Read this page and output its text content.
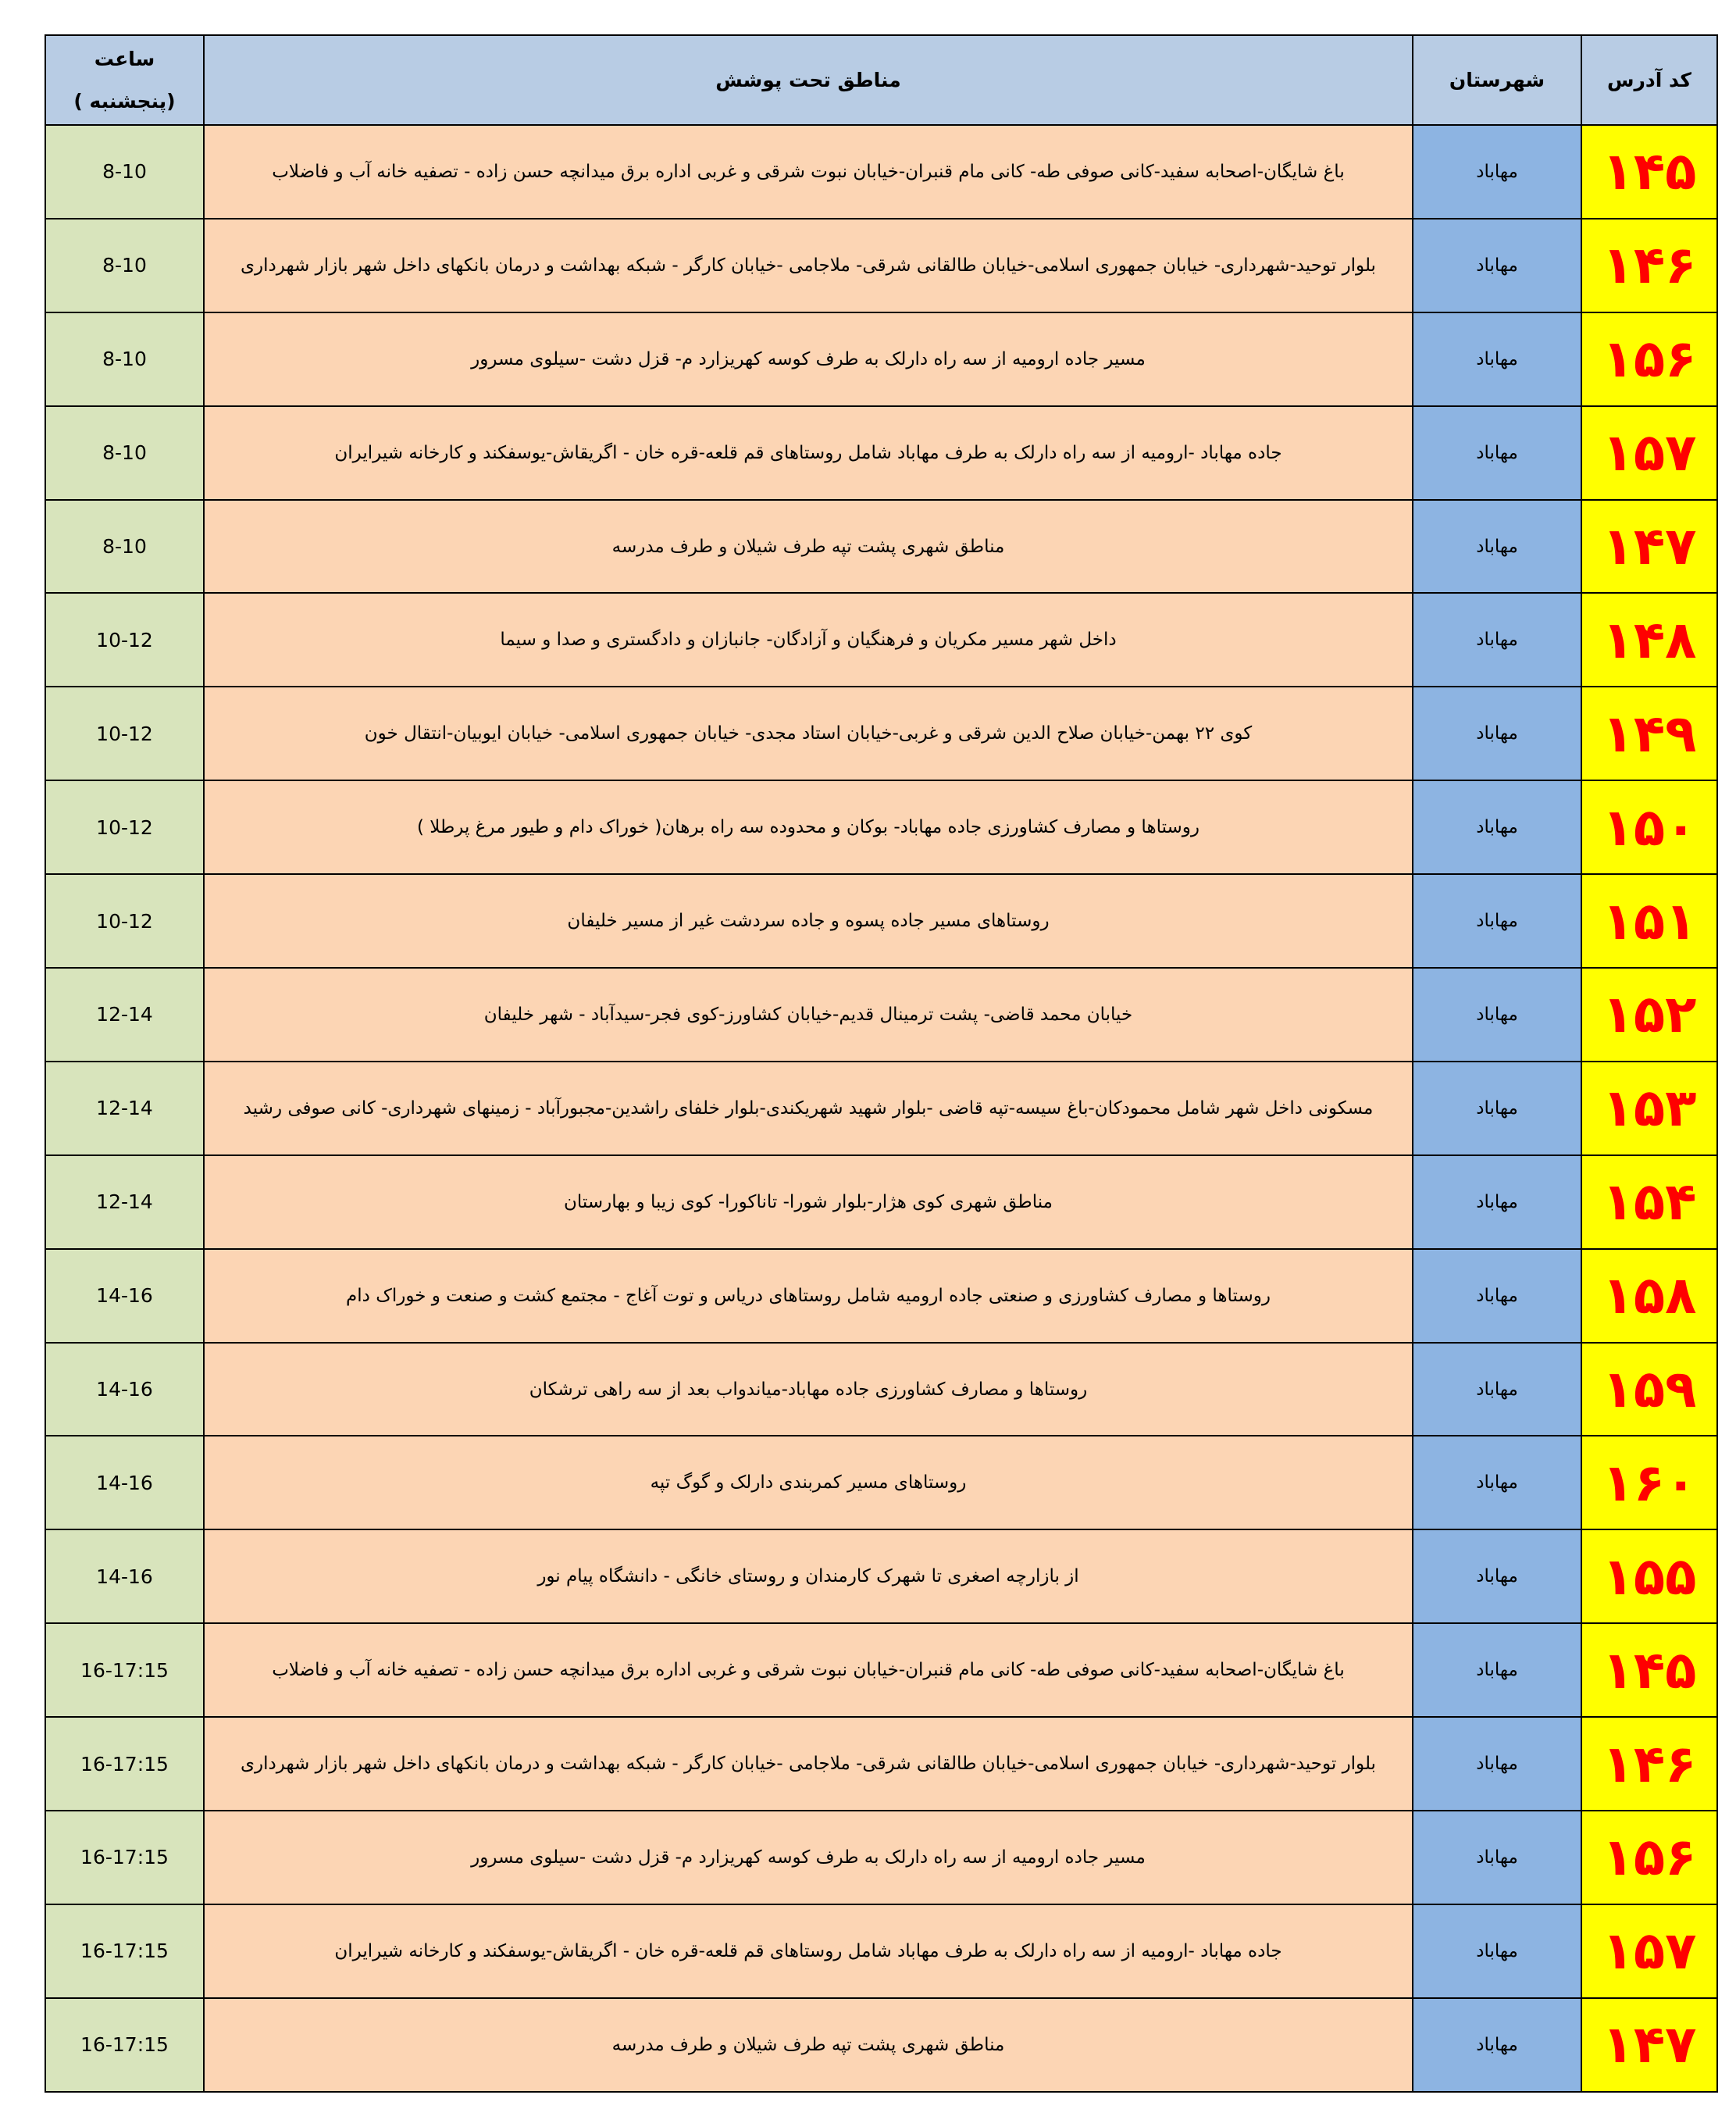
کد آدرس	شهرستان	مناطق تحت پوشش	ساعت
(پنجشنبه )

۱۴۵	مهاباد	باغ شایگان-اصحابه سفید-کانی صوفی طه- کانی مام قنبران-خیابان نبوت شرقی و غربی اداره برق میدانچه حسن زاده - تصفیه خانه آب و فاضلاب	8-10
۱۴۶	مهاباد	بلوار توحید-شهرداری- خیابان جمهوری اسلامی-خیابان طالقانی شرقی- ملاجامی -خیابان کارگر - شبکه بهداشت و درمان بانکهای داخل شهر بازار شهرداری	8-10
۱۵۶	مهاباد	مسیر جاده ارومیه از سه راه دارلک به طرف کوسه کهریزارد م- قزل دشت -سیلوی مسرور	8-10
۱۵۷	مهاباد	جاده مهاباد -ارومیه از سه راه دارلک به طرف مهاباد شامل روستاهای قم قلعه-قره خان - اگریقاش-یوسفکند و کارخانه شیرایران	8-10
۱۴۷	مهاباد	مناطق شهری پشت تپه طرف شیلان و طرف مدرسه	8-10
۱۴۸	مهاباد	داخل شهر مسیر مکریان و فرهنگیان و آزادگان- جانبازان و دادگستری و صدا و سیما	10-12
۱۴۹	مهاباد	کوی ۲۲ بهمن-خیابان صلاح الدین شرقی و غربی-خیابان استاد مجدی- خیابان جمهوری اسلامی- خیابان ایوبیان-انتقال خون	10-12
۱۵۰	مهاباد	روستاها و مصارف کشاورزی جاده مهاباد- بوکان و محدوده سه راه برهان( خوراک دام و طیور مرغ پرطلا )	10-12
۱۵۱	مهاباد	روستاهای مسیر جاده پسوه و جاده سردشت غیر از مسیر خلیفان	10-12
۱۵۲	مهاباد	خیابان محمد قاضی- پشت ترمینال قدیم-خیابان کشاورز-کوی فجر-سیدآباد - شهر خلیفان	12-14
۱۵۳	مهاباد	مسکونی داخل شهر شامل محمودکان-باغ سیسه-تپه قاضی -بلوار شهید شهریکندی-بلوار خلفای راشدین-مجبورآباد - زمینهای شهرداری- کانی صوفی رشید	12-14
۱۵۴	مهاباد	مناطق شهری کوی هژار-بلوار شورا- تاناکورا- کوی زیبا و بهارستان	12-14
۱۵۸	مهاباد	روستاها و مصارف کشاورزی و صنعتی جاده ارومیه شامل روستاهای درياس و توت آغاج - مجتمع کشت و صنعت و خوراک دام	14-16
۱۵۹	مهاباد	روستاها و مصارف کشاورزی جاده مهاباد-میاندواب بعد از سه راهی ترشکان	14-16
۱۶۰	مهاباد	روستاهای مسیر کمربندی دارلک و گوگ تپه	14-16
۱۵۵	مهاباد	از بازارچه اصغری تا شهرک کارمندان و روستای خانگی - دانشگاه پیام نور	14-16
۱۴۵	مهاباد	باغ شایگان-اصحابه سفید-کانی صوفی طه- کانی مام قنبران-خیابان نبوت شرقی و غربی اداره برق میدانچه حسن زاده - تصفیه خانه آب و فاضلاب	16-17:15
۱۴۶	مهاباد	بلوار توحید-شهرداری- خیابان جمهوری اسلامی-خیابان طالقانی شرقی- ملاجامی -خیابان کارگر - شبکه بهداشت و درمان بانکهای داخل شهر بازار شهرداری	16-17:15
۱۵۶	مهاباد	مسیر جاده ارومیه از سه راه دارلک به طرف کوسه کهریزارد م- قزل دشت -سیلوی مسرور	16-17:15
۱۵۷	مهاباد	جاده مهاباد -ارومیه از سه راه دارلک به طرف مهاباد شامل روستاهای قم قلعه-قره خان - اگریقاش-یوسفکند و کارخانه شیرایران	16-17:15
۱۴۷	مهاباد	مناطق شهری پشت تپه طرف شیلان و طرف مدرسه	16-17:15
